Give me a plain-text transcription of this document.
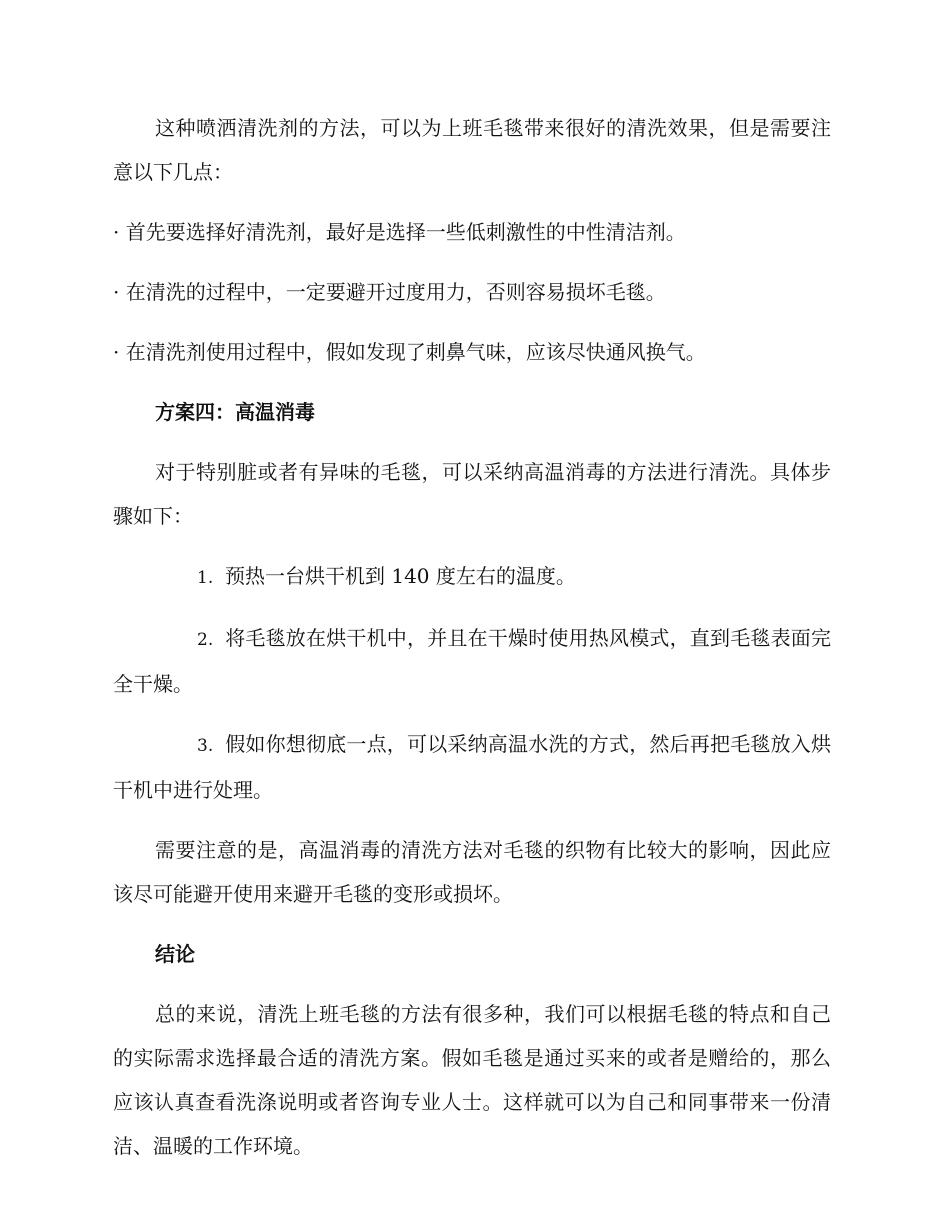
这种喷洒清洗剂的方法，可以为上班毛毯带来很好的清洗效果，但是需要注意以下几点：

· 首先要选择好清洗剂，最好是选择一些低刺激性的中性清洁剂。

· 在清洗的过程中，一定要避开过度用力，否则容易损坏毛毯。

· 在清洗剂使用过程中，假如发现了刺鼻气味，应该尽快通风换气。

方案四：高温消毒

对于特别脏或者有异味的毛毯，可以采纳高温消毒的方法进行清洗。具体步骤如下：

1. 预热一台烘干机到 140 度左右的温度。

2. 将毛毯放在烘干机中，并且在干燥时使用热风模式，直到毛毯表面完全干燥。

3. 假如你想彻底一点，可以采纳高温水洗的方式，然后再把毛毯放入烘干机中进行处理。

需要注意的是，高温消毒的清洗方法对毛毯的织物有比较大的影响，因此应该尽可能避开使用来避开毛毯的变形或损坏。

结论

总的来说，清洗上班毛毯的方法有很多种，我们可以根据毛毯的特点和自己的实际需求选择最合适的清洗方案。假如毛毯是通过买来的或者是赠给的，那么应该认真查看洗涤说明或者咨询专业人士。这样就可以为自己和同事带来一份清洁、温暖的工作环境。
